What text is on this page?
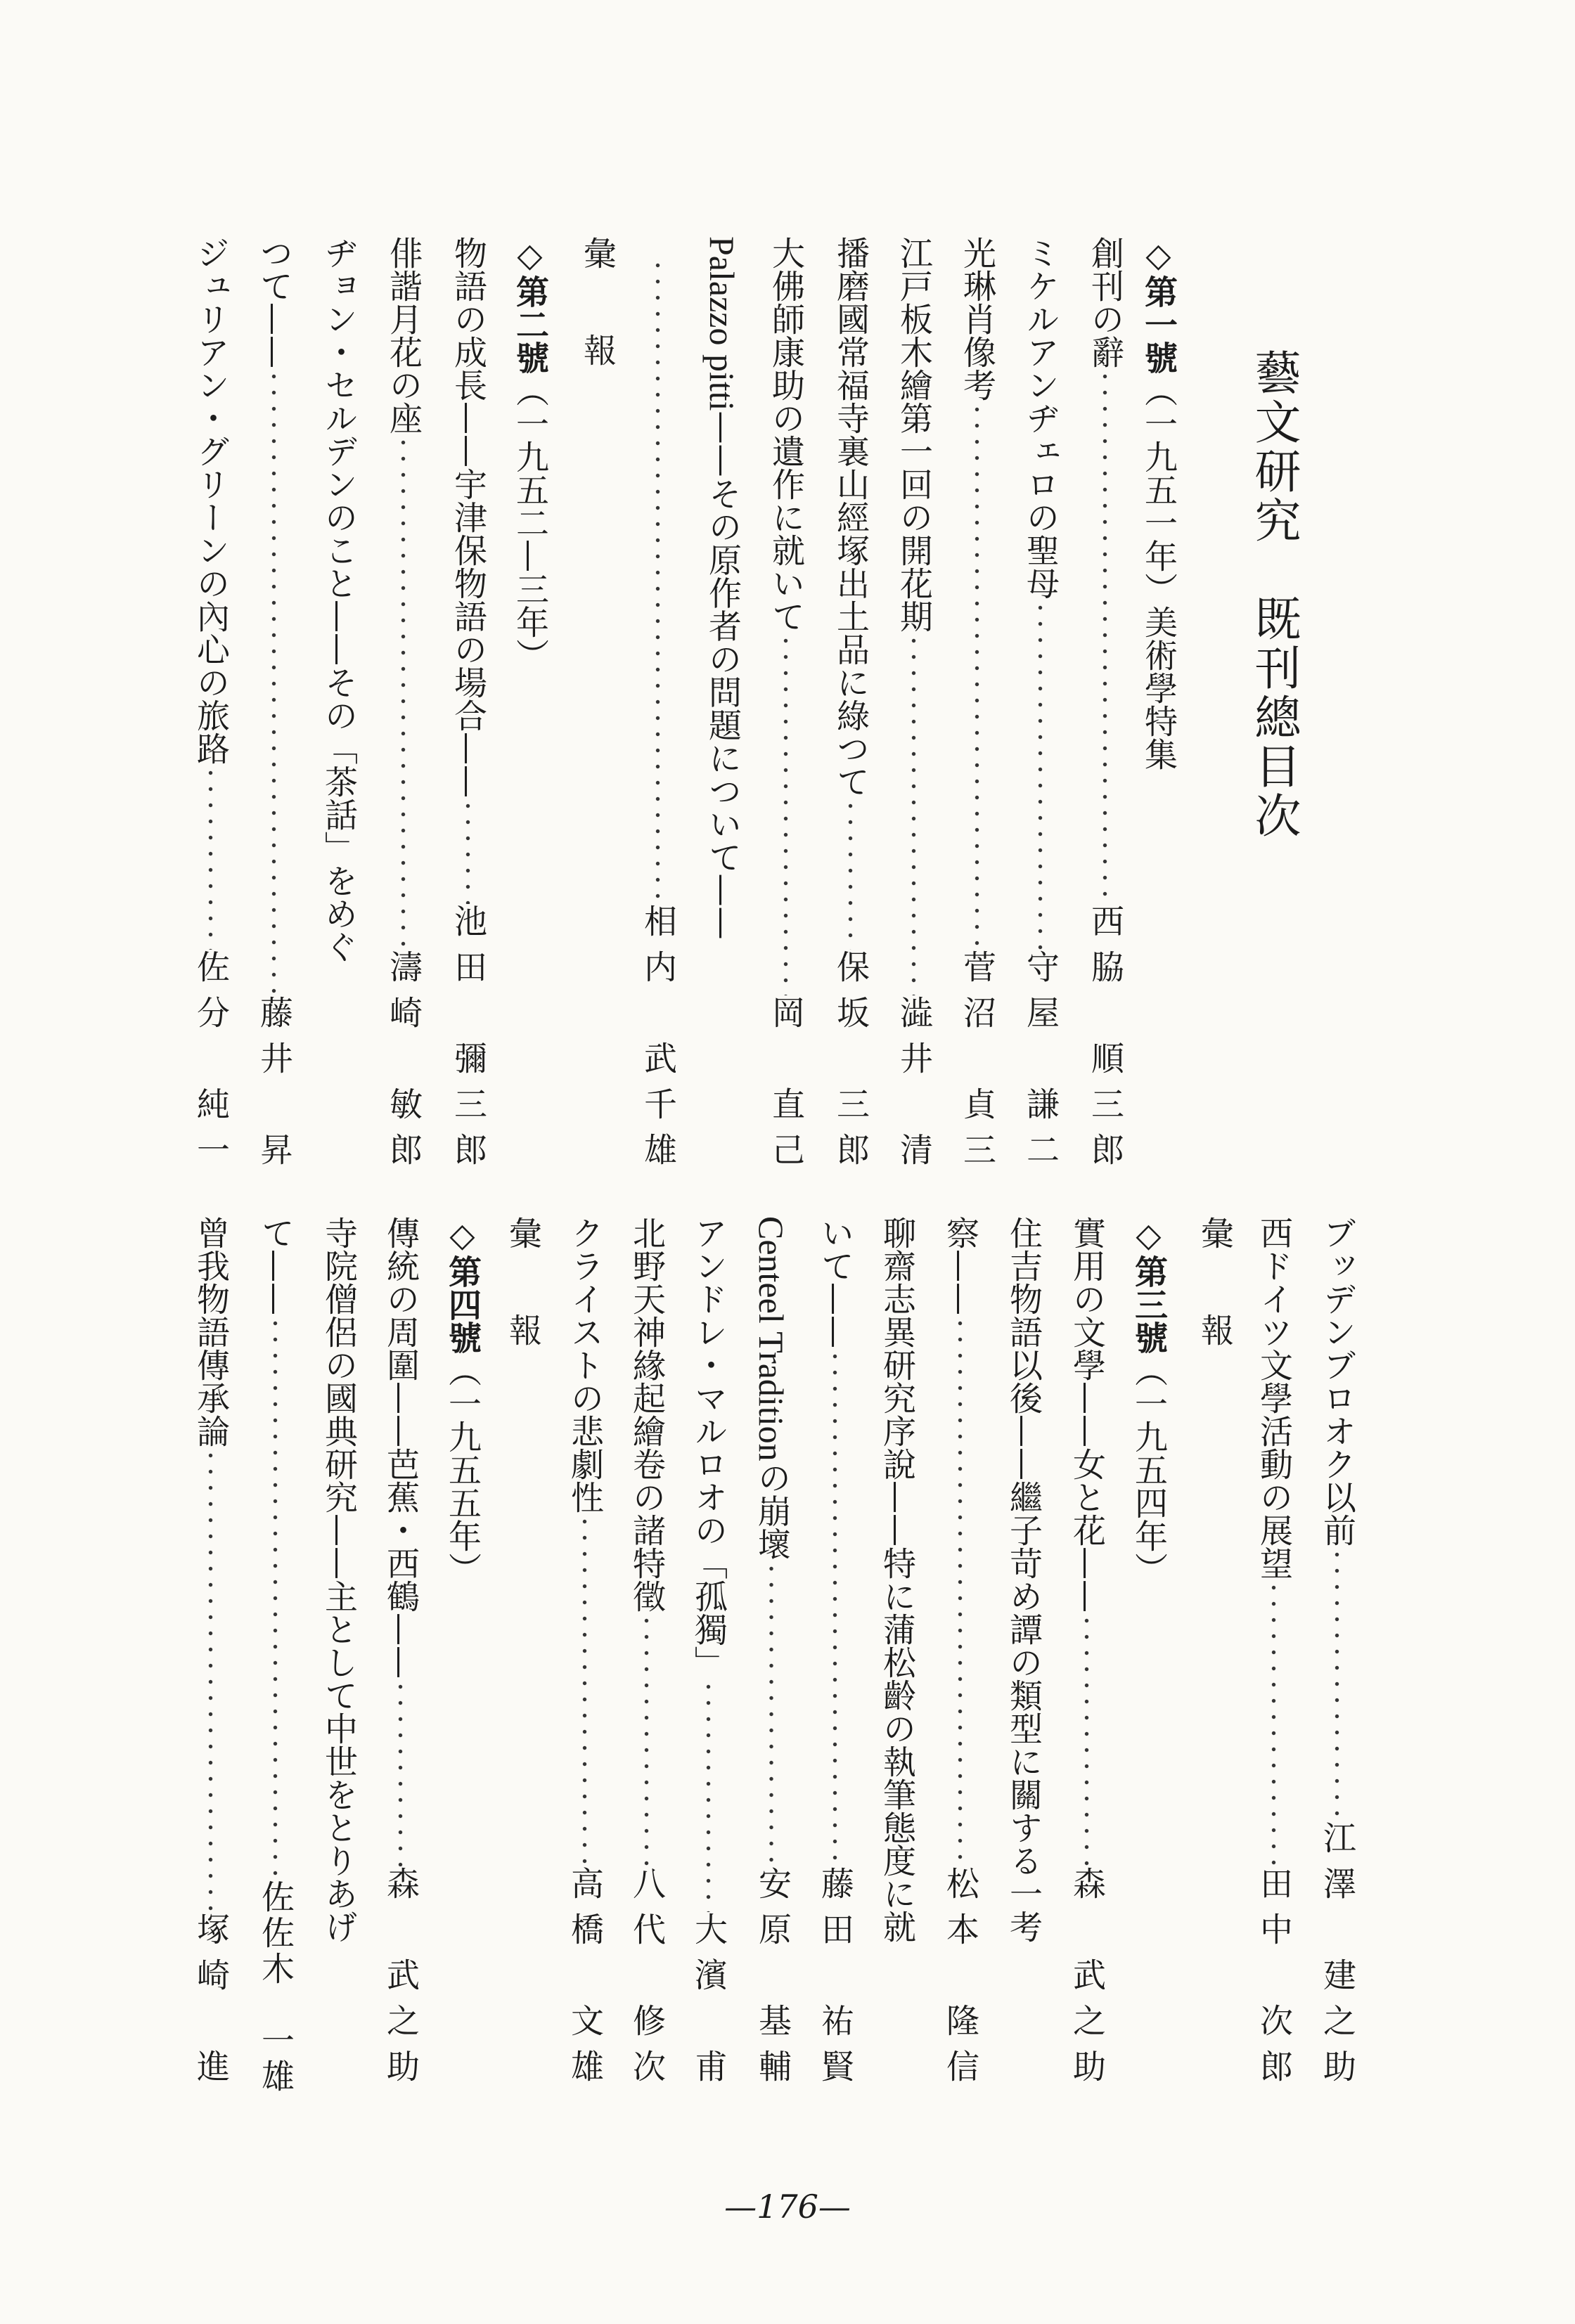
藝文研究　既刊總目次
◇第一號（一九五一年）美術學特集
創刊の辭
西脇　順三郎
ミケルアンヂェロの聖母
守屋　謙二
光琳肖像考
菅沼　貞三
江戸板木繪第一回の開花期
澁井　清
播磨國常福寺裏山經塚出土品に綠つて
保坂　三郎
大佛師康助の遺作に就いて
岡　直己
Palazzo pitti——その原作者の問題について——
相内　武千雄
彙　報
◇第二號（一九五二—三年）
物語の成長——宇津保物語の場合——
池田　彌三郎
俳諧月花の座
濤崎　敏郎
ヂョン・セルデンのこと——その「茶話」をめぐ
つて——
藤井　昇
ジュリアン・グリーンの內心の旅路
佐分　純一
ブッデンブロオク以前
江澤　建之助
西ドイツ文學活動の展望
田中　次郎
彙　報
◇第三號（一九五四年）
實用の文學——女と花——
森　武之助
住吉物語以後——繼子苛め譚の類型に關する一考
察——
松本　隆信
聊齋志異研究序說——特に蒲松齡の執筆態度に就
いて——
藤田　祐賢
Centeel Traditionの崩壞
安原　基輔
アンドレ・マルロオの「孤獨」
大濱　甫
北野天神緣起繪卷の諸特徵
八代　修次
クライストの悲劇性
高橋　文雄
彙　報
◇第四號（一九五五年）
傳統の周圍——芭蕉・西鶴——
森　武之助
寺院僧侶の國典研究——主として中世をとりあげ
て——
佐佐木　一雄
曾我物語傳承論
塚崎　進
—176—
